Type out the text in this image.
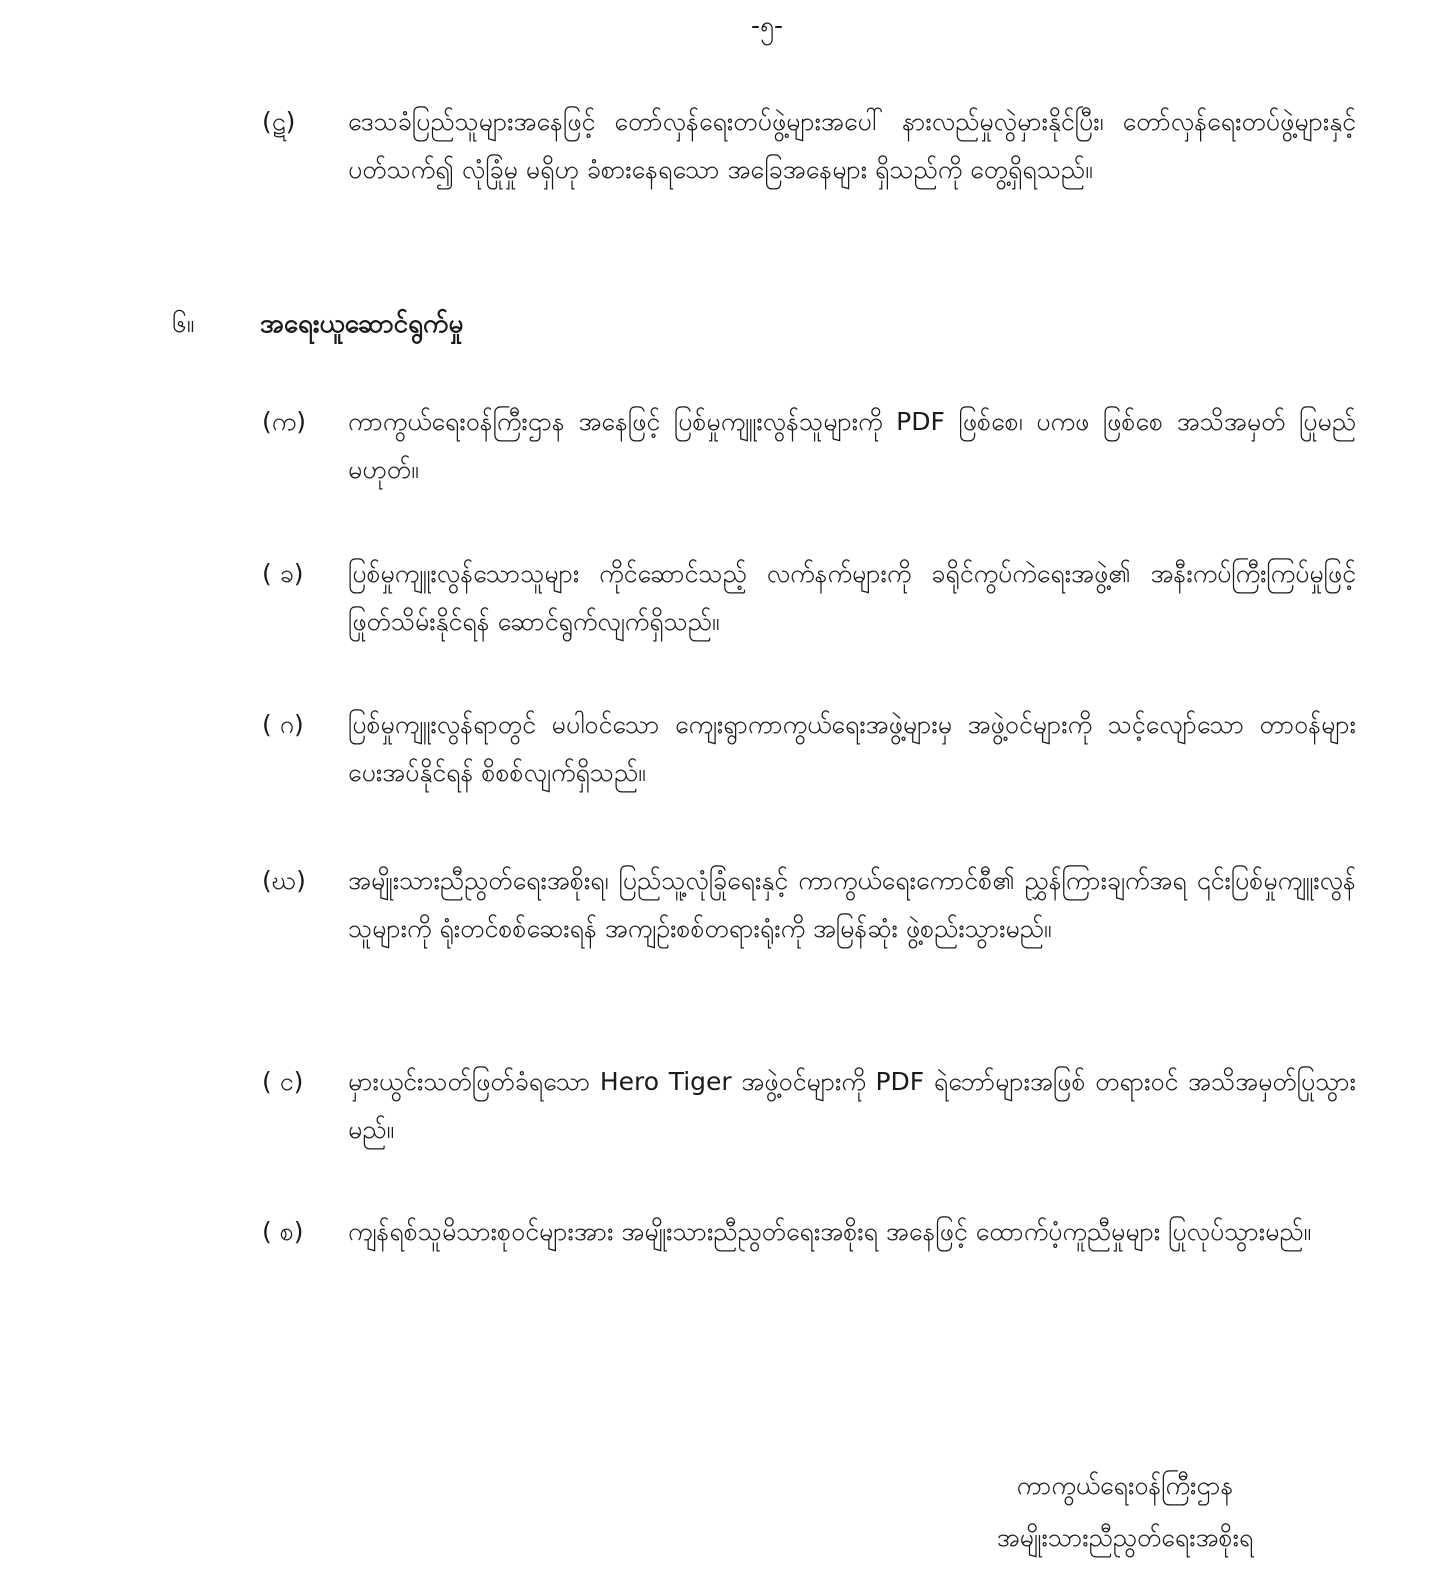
-၅-
(ဋ)	ဒေသခံပြည်သူများအနေဖြင့် တော်လှန်ရေးတပ်ဖွဲ့များအပေါ် နားလည်မှုလွဲမှားနိုင်ပြီး၊ တော်လှန်ရေးတပ်ဖွဲ့များနှင့် ပတ်သက်၍ လုံခြုံမှု မရှိဟု ခံစားနေရသော အခြေအနေများ ရှိသည်ကို တွေ့ရှိရသည်။
၆။	အရေးယူဆောင်ရွက်မှု
(က)	ကာကွယ်ရေးဝန်ကြီးဌာန အနေဖြင့် ပြစ်မှုကျူးလွန်သူများကို PDF ဖြစ်စေ၊ ပကဖ ဖြစ်စေ အသိအမှတ် ပြုမည်မဟုတ်။
( ခ)	ပြစ်မှုကျူးလွန်သောသူများ ကိုင်ဆောင်သည့် လက်နက်များကို ခရိုင်ကွပ်ကဲရေးအဖွဲ့၏ အနီးကပ်ကြီးကြပ်မှုဖြင့် ဖြုတ်သိမ်းနိုင်ရန် ဆောင်ရွက်လျက်ရှိသည်။
( ဂ)	ပြစ်မှုကျူးလွန်ရာတွင် မပါဝင်သော ကျေးရွာကာကွယ်ရေးအဖွဲ့များမှ အဖွဲ့ဝင်များကို သင့်လျော်သော တာဝန်များ ပေးအပ်နိုင်ရန် စိစစ်လျက်ရှိသည်။
(ဃ)	အမျိုးသားညီညွတ်ရေးအစိုးရ၊ ပြည်သူ့လုံခြုံရေးနှင့် ကာကွယ်ရေးကောင်စီ၏ ညွှန်ကြားချက်အရ ၎င်းပြစ်မှုကျူးလွန်သူများကို ရုံးတင်စစ်ဆေးရန် အကျဉ်းစစ်တရားရုံးကို အမြန်ဆုံး ဖွဲ့စည်းသွားမည်။
( င)	မှားယွင်းသတ်ဖြတ်ခံရသော Hero Tiger အဖွဲ့ဝင်များကို PDF ရဲဘော်များအဖြစ် တရားဝင် အသိအမှတ်ပြုသွားမည်။
( စ)	ကျန်ရစ်သူမိသားစုဝင်များအား အမျိုးသားညီညွတ်ရေးအစိုးရ အနေဖြင့် ထောက်ပံ့ကူညီမှုများ ပြုလုပ်သွားမည်။
ကာကွယ်ရေးဝန်ကြီးဌာန
အမျိုးသားညီညွတ်ရေးအစိုးရ
